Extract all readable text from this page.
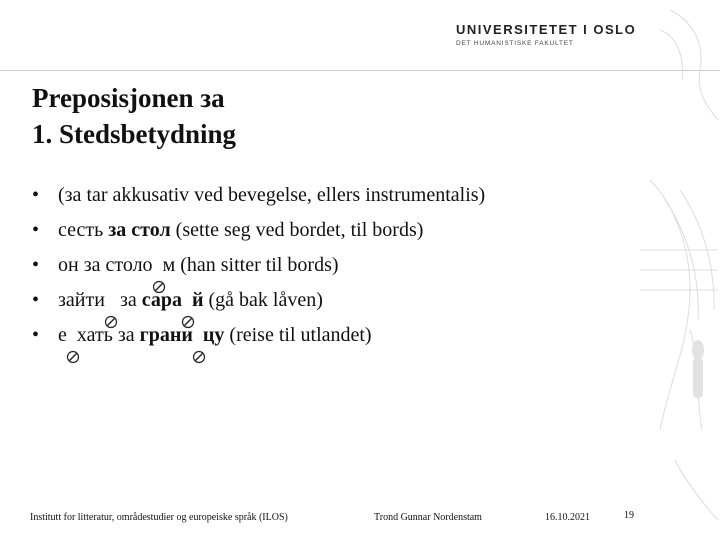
UNIVERSITETET I OSLO
DET HUMANISTISKE FAKULTET
Preposisjonen за
1. Stedsbetydning
• (за tar akkusativ ved bevegelse, ellers instrumentalis)
• сесть за стол (sette seg ved bordet, til bords)
• он за столо м (han sitter til bords)
• зайти
за сара й (gå bak låven)
• е хать за грани цу (reise til utlandet)
Institutt for litteratur, områdestudier og europeiske språk (ILOS)	Trond Gunnar Nordenstam	16.10.2021	19
